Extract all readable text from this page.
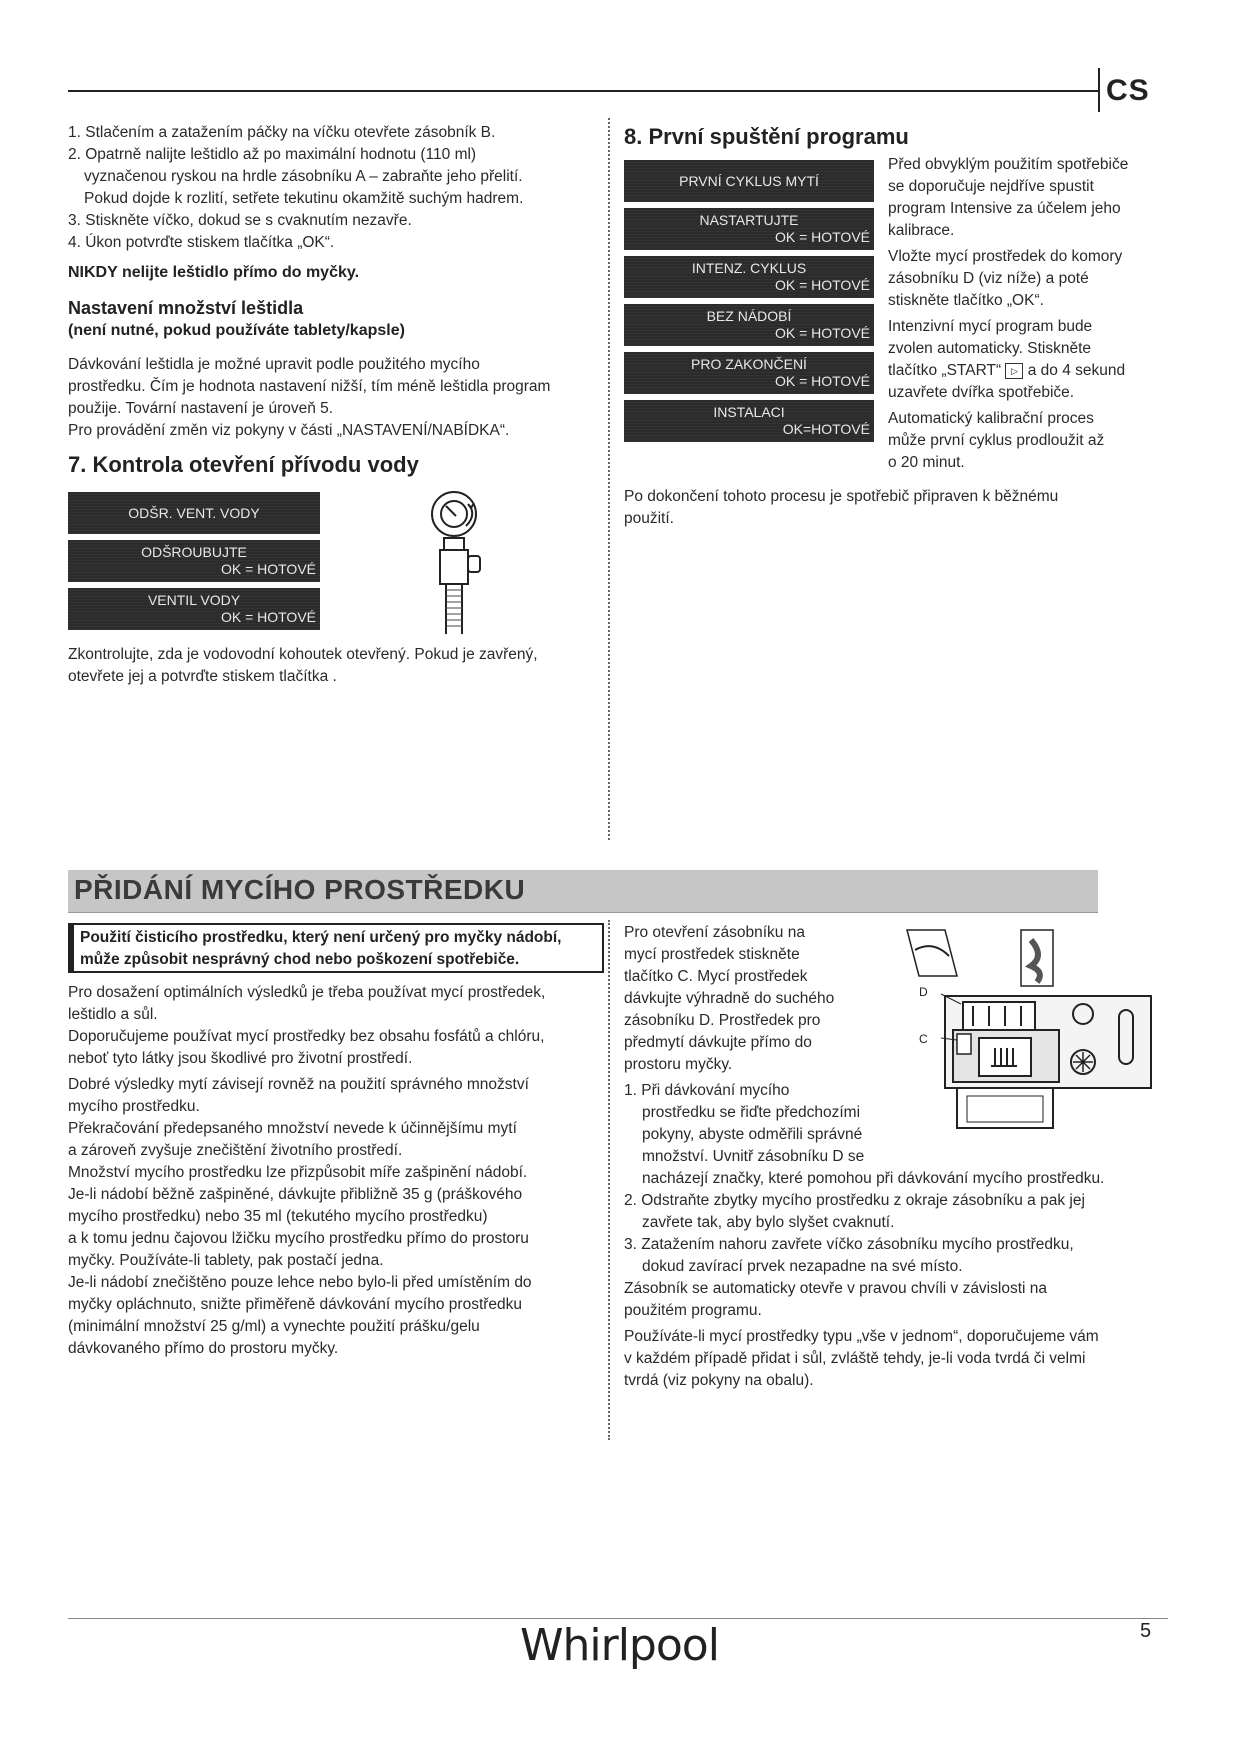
CS
1. Stlačením a zatažením páčky na víčku otevřete zásobník B.
2. Opatrně nalijte leštidlo až po maximální hodnotu (110 ml)
vyznačenou ryskou na hrdle zásobníku A – zabraňte jeho přelití.
Pokud dojde k rozlití, setřete tekutinu okamžitě suchým hadrem.
3. Stiskněte víčko, dokud se s cvaknutím nezavře.
4. Úkon potvrďte stiskem tlačítka „OK“.
NIKDY nelijte leštidlo přímo do myčky.
Nastavení množství leštidla
(není nutné, pokud používáte tablety/kapsle)
Dávkování leštidla je možné upravit podle použitého mycího
prostředku. Čím je hodnota nastavení nižší, tím méně leštidla program
použije. Tovární nastavení je úroveň 5.
Pro provádění změn viz pokyny v části „NASTAVENÍ/NABÍDKA“.
7. Kontrola otevření přívodu vody
ODŠR. VENT. VODY
ODŠROUBUJTE
OK = HOTOVÉ
VENTIL VODY
OK = HOTOVÉ
Zkontrolujte, zda je vodovodní kohoutek otevřený. Pokud je zavřený,
otevřete jej a potvrďte stiskem tlačítka .
8. První spuštění programu
PRVNÍ CYKLUS MYTÍ
NASTARTUJTE
OK = HOTOVÉ
INTENZ. CYKLUS
OK = HOTOVÉ
BEZ NÁDOBÍ
OK = HOTOVÉ
PRO ZAKONČENÍ
OK = HOTOVÉ
INSTALACI
OK=HOTOVÉ
Před obvyklým použitím spotřebiče
se doporučuje nejdříve spustit
program Intensive za účelem jeho
kalibrace.
Vložte mycí prostředek do komory
zásobníku D (viz níže) a poté
stiskněte tlačítko „OK“.
Intenzivní mycí program bude
zvolen automaticky. Stiskněte
tlačítko „START“ ▷ a do 4 sekund
uzavřete dvířka spotřebiče.
Automatický kalibrační proces
může první cyklus prodloužit až
o 20 minut.
Po dokončení tohoto procesu je spotřebič připraven k běžnému
použití.
PŘIDÁNÍ MYCÍHO PROSTŘEDKU
Použití čisticího prostředku, který není určený pro myčky nádobí,
může způsobit nesprávný chod nebo poškození spotřebiče.
Pro dosažení optimálních výsledků je třeba používat mycí prostředek,
leštidlo a sůl.
Doporučujeme používat mycí prostředky bez obsahu fosfátů a chlóru,
neboť tyto látky jsou škodlivé pro životní prostředí.
Dobré výsledky mytí závisejí rovněž na použití správného množství
mycího prostředku.
Překračování předepsaného množství nevede k účinnějšímu mytí
a zároveň zvyšuje znečištění životního prostředí.
Množství mycího prostředku lze přizpůsobit míře zašpinění nádobí.
Je-li nádobí běžně zašpiněné, dávkujte přibližně 35 g (práškového
mycího prostředku) nebo 35 ml (tekutého mycího prostředku)
a k tomu jednu čajovou lžičku mycího prostředku přímo do prostoru
myčky. Používáte-li tablety, pak postačí jedna.
Je-li nádobí znečištěno pouze lehce nebo bylo-li před umístěním do
myčky opláchnuto, snižte přiměřeně dávkování mycího prostředku
(minimální množství 25 g/ml) a vynechte použití prášku/gelu
dávkovaného přímo do prostoru myčky.
Pro otevření zásobníku na
mycí prostředek stiskněte
tlačítko C. Mycí prostředek
dávkujte výhradně do suchého
zásobníku D. Prostředek pro
předmytí dávkujte přímo do
prostoru myčky.
D
C
1. Při dávkování mycího
prostředku se řiďte předchozími
pokyny, abyste odměřili správné
množství. Uvnitř zásobníku D se
nacházejí značky, které pomohou při dávkování mycího prostředku.
2. Odstraňte zbytky mycího prostředku z okraje zásobníku a pak jej
zavřete tak, aby bylo slyšet cvaknutí.
3. Zatažením nahoru zavřete víčko zásobníku mycího prostředku,
dokud zavírací prvek nezapadne na své místo.
Zásobník se automaticky otevře v pravou chvíli v závislosti na
použitém programu.
Používáte-li mycí prostředky typu „vše v jednom“, doporučujeme vám
v každém případě přidat i sůl, zvláště tehdy, je-li voda tvrdá či velmi
tvrdá (viz pokyny na obalu).
Whirlpool	5
